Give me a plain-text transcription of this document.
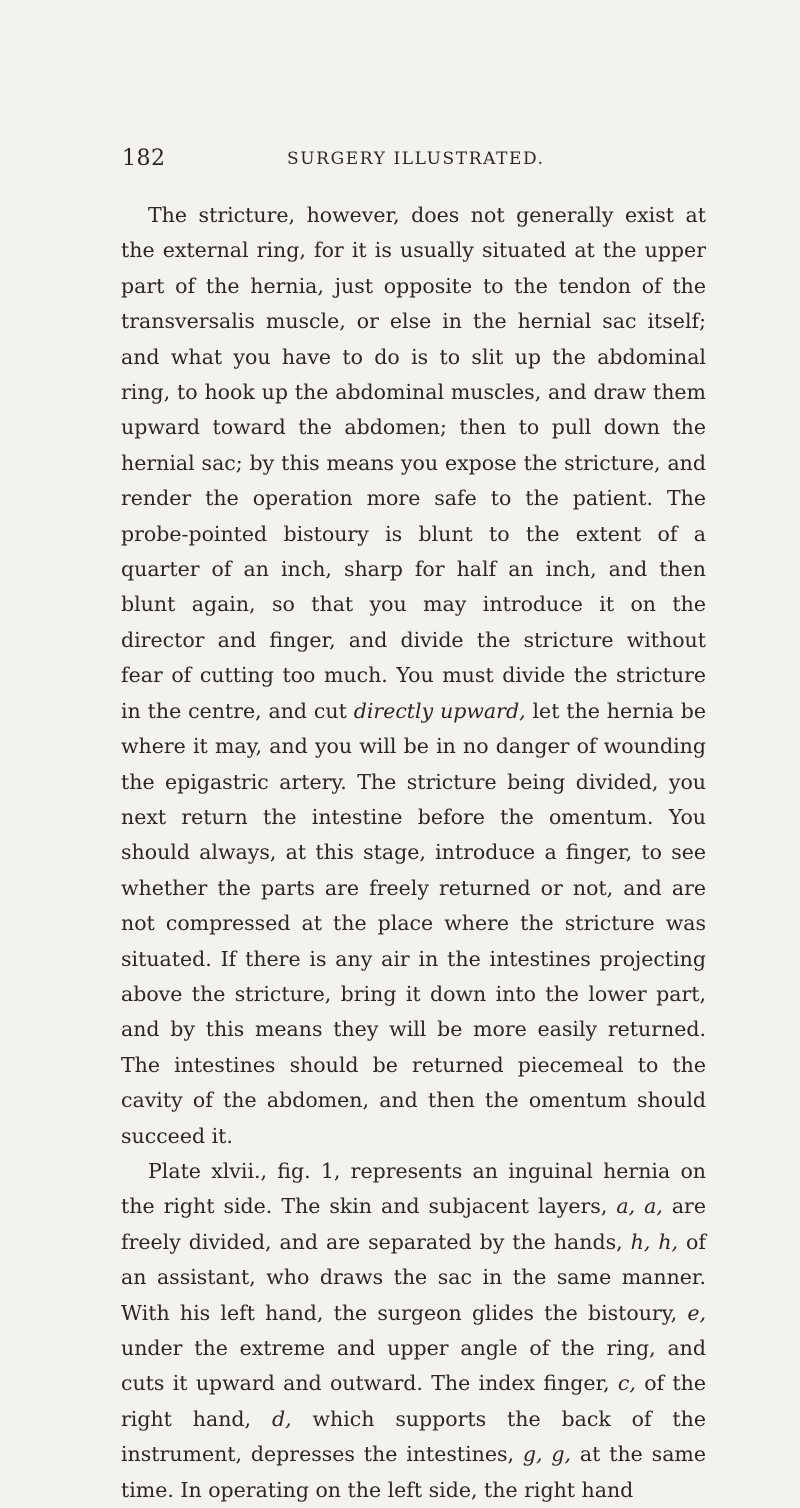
182	SURGERY ILLUSTRATED.

The stricture, however, does not generally exist at the external ring, for it is usually situated at the upper part of the hernia, just opposite to the tendon of the transversalis muscle, or else in the hernial sac itself; and what you have to do is to slit up the abdominal ring, to hook up the abdominal muscles, and draw them upward toward the abdomen; then to pull down the hernial sac; by this means you expose the stricture, and render the operation more safe to the patient. The probe-pointed bistoury is blunt to the extent of a quarter of an inch, sharp for half an inch, and then blunt again, so that you may introduce it on the director and finger, and divide the stricture without fear of cutting too much. You must divide the stricture in the centre, and cut directly upward, let the hernia be where it may, and you will be in no danger of wounding the epigastric artery. The stricture being divided, you next return the intestine before the omentum. You should always, at this stage, introduce a finger, to see whether the parts are freely returned or not, and are not compressed at the place where the stricture was situated. If there is any air in the intestines projecting above the stricture, bring it down into the lower part, and by this means they will be more easily returned. The intestines should be returned piecemeal to the cavity of the abdomen, and then the omentum should succeed it.

Plate xlvii., fig. 1, represents an inguinal hernia on the right side. The skin and subjacent layers, a, a, are freely divided, and are separated by the hands, h, h, of an assistant, who draws the sac in the same manner. With his left hand, the surgeon glides the bistoury, e, under the extreme and upper angle of the ring, and cuts it upward and outward. The index finger, c, of the right hand, d, which supports the back of the instrument, depresses the intestines, g, g, at the same time. In operating on the left side, the right hand
